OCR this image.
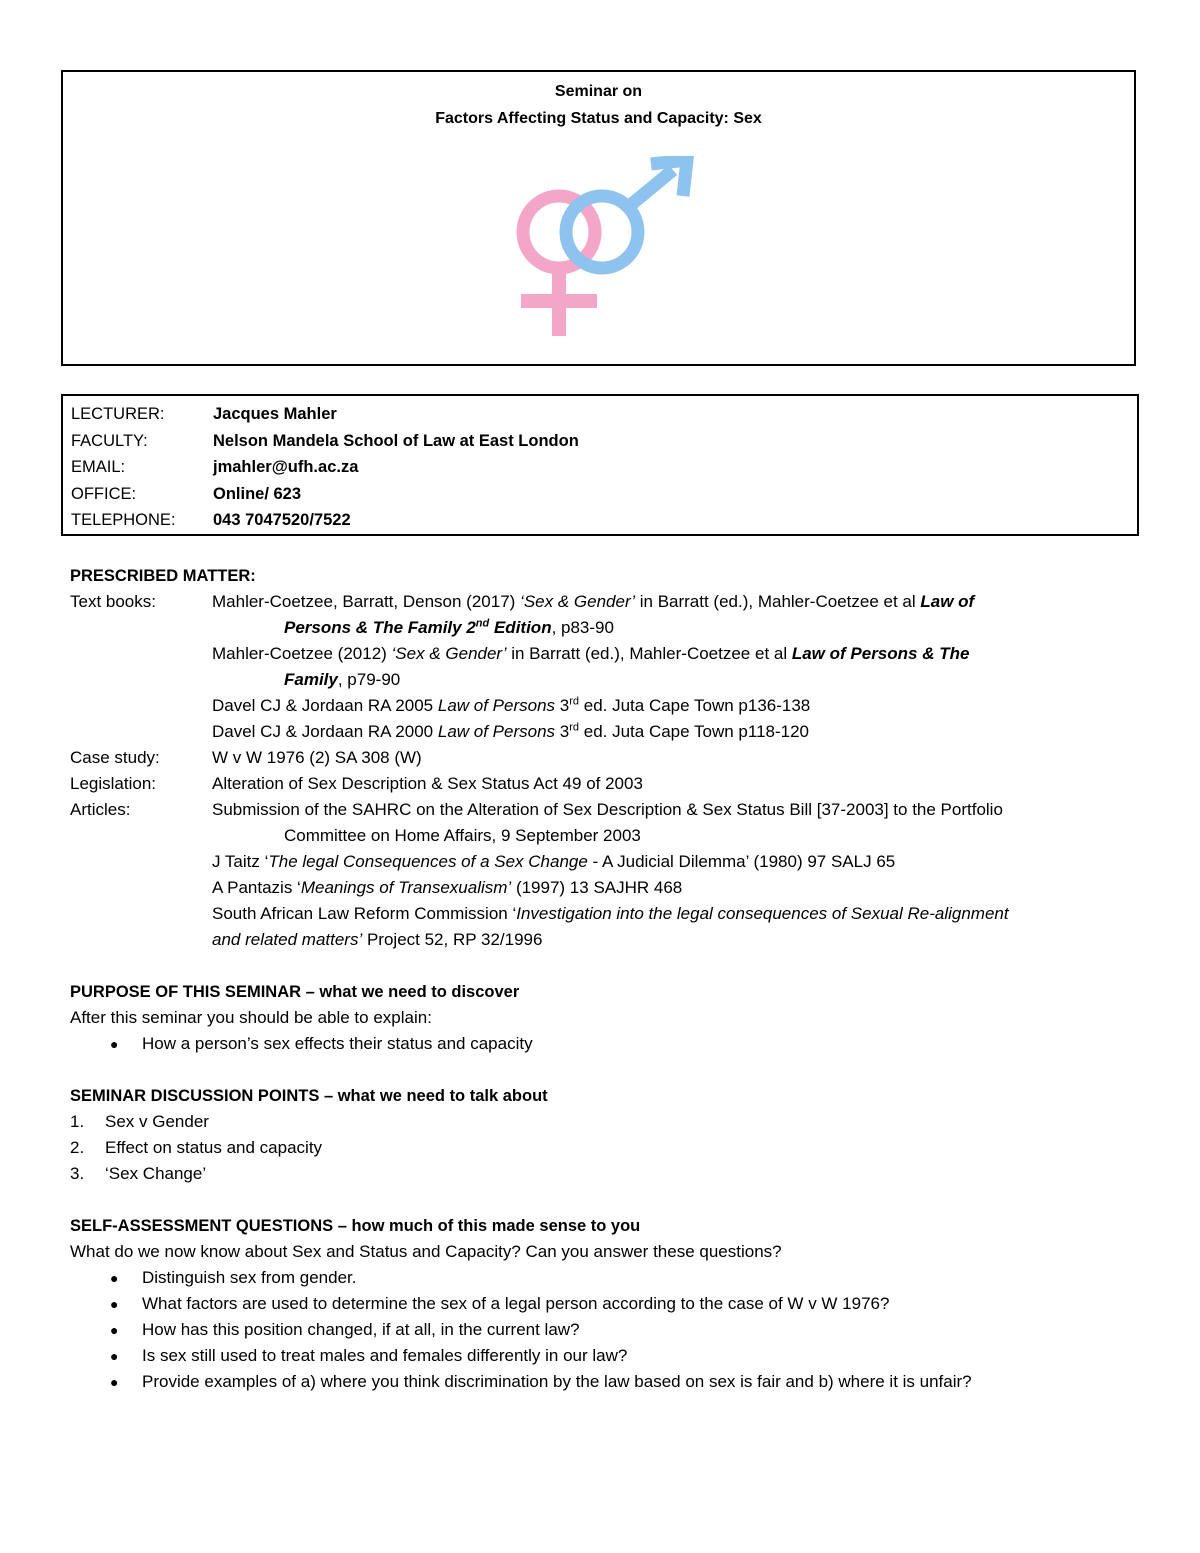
Seminar on
Factors Affecting Status and Capacity: Sex
LECTURER:	Jacques Mahler
FACULTY:	Nelson Mandela School of Law at East London
EMAIL:	jmahler@ufh.ac.za
OFFICE:	Online/ 623
TELEPHONE:	043 7047520/7522
PRESCRIBED MATTER:
Text books:	Mahler-Coetzee, Barratt, Denson (2017) ‘Sex & Gender’ in Barratt (ed.), Mahler-Coetzee et al Law of
Persons & The Family 2nd Edition, p83-90
Mahler-Coetzee (2012) ‘Sex & Gender’ in Barratt (ed.), Mahler-Coetzee et al Law of Persons & The
Family, p79-90
Davel CJ & Jordaan RA 2005 Law of Persons 3rd ed. Juta Cape Town p136-138
Davel CJ & Jordaan RA 2000 Law of Persons 3rd ed. Juta Cape Town p118-120
Case study:	W v W 1976 (2) SA 308 (W)
Legislation:	Alteration of Sex Description & Sex Status Act 49 of 2003
Articles:	Submission of the SAHRC on the Alteration of Sex Description & Sex Status Bill [37-2003] to the Portfolio
Committee on Home Affairs, 9 September 2003
J Taitz ‘The legal Consequences of a Sex Change - A Judicial Dilemma’ (1980) 97 SALJ 65
A Pantazis ‘Meanings of Transexualism’ (1997) 13 SAJHR 468
South African Law Reform Commission ‘Investigation into the legal consequences of Sexual Re-alignment
and related matters’ Project 52, RP 32/1996
PURPOSE OF THIS SEMINAR – what we need to discover
After this seminar you should be able to explain:
●	How a person’s sex effects their status and capacity
SEMINAR DISCUSSION POINTS – what we need to talk about
1.	Sex v Gender
2.	Effect on status and capacity
3.	‘Sex Change’
SELF-ASSESSMENT QUESTIONS – how much of this made sense to you
What do we now know about Sex and Status and Capacity? Can you answer these questions?
●	Distinguish sex from gender.
●	What factors are used to determine the sex of a legal person according to the case of W v W 1976?
●	How has this position changed, if at all, in the current law?
●	Is sex still used to treat males and females differently in our law?
●	Provide examples of a) where you think discrimination by the law based on sex is fair and b) where it is unfair?
